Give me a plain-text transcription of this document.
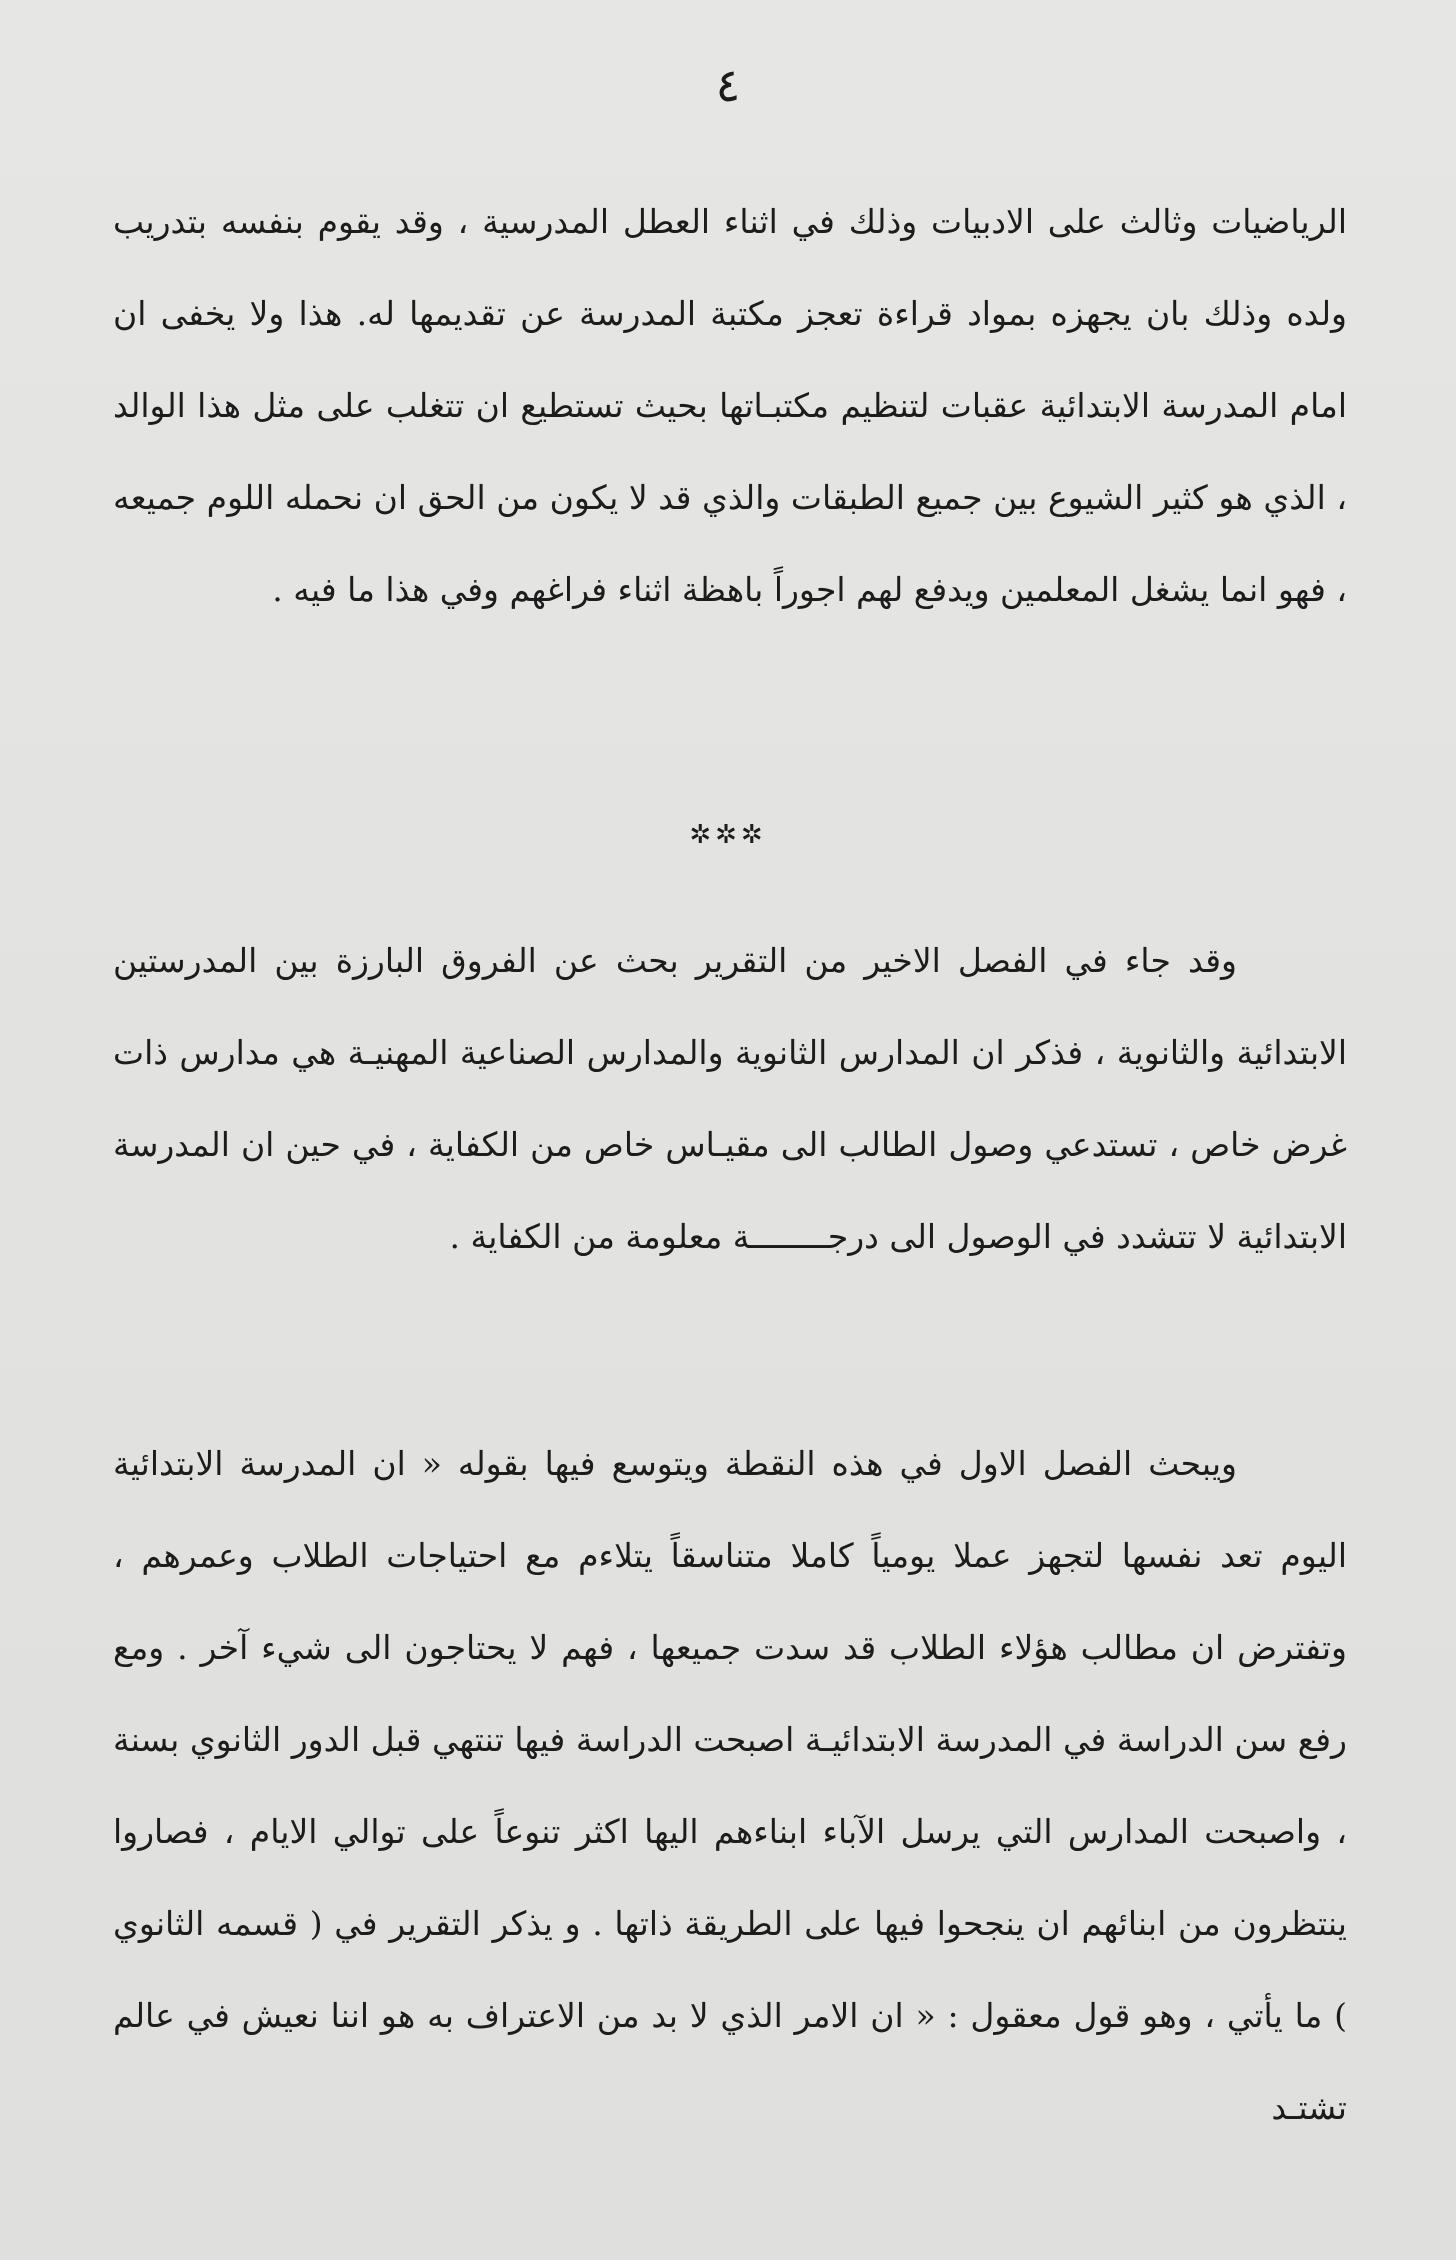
٤

الرياضيات وثالث على الادبيات وذلك في اثناء العطل المدرسية ، وقد يقوم بنفسه بتدريب ولده وذلك بان يجهزه بمواد قراءة تعجز مكتبة المدرسة عن تقديمها له. هذا ولا يخفى ان امام المدرسة الابتدائية عقبات لتنظيم مكتبـاتها بحيث تستطيع ان تتغلب على مثل هذا الوالد ، الذي هو كثير الشيوع بين جميع الطبقات والذي قد لا يكون من الحق ان نحمله اللوم جميعه ، فهو انما يشغل المعلمين ويدفع لهم اجوراً باهظة اثناء فراغهم وفي هذا ما فيه .

✲✲✲

وقد جاء في الفصل الاخير من التقرير بحث عن الفروق البارزة بين المدرستين الابتدائية والثانوية ، فذكر ان المدارس الثانوية والمدارس الصناعية المهنيـة هي مدارس ذات غرض خاص ، تستدعي وصول الطالب الى مقيـاس خاص من الكفاية ، في حين ان المدرسة الابتدائية لا تتشدد في الوصول الى درجــــــــة معلومة من الكفاية .

ويبحث الفصل الاول في هذه النقطة ويتوسع فيها بقوله « ان المدرسة الابتدائية اليوم تعد نفسها لتجهز عملا يومياً كاملا متناسقاً يتلاءم مع احتياجات الطلاب وعمرهم ، وتفترض ان مطالب هؤلاء الطلاب قد سدت جميعها ، فهم لا يحتاجون الى شيء آخر . ومع رفع سن الدراسة في المدرسة الابتدائيـة اصبحت الدراسة فيها تنتهي قبل الدور الثانوي بسنة ، واصبحت المدارس التي يرسل الآباء ابناءهم اليها اكثر تنوعاً على توالي الايام ، فصاروا ينتظرون من ابنائهم ان ينجحوا فيها على الطريقة ذاتها . و يذكر التقرير في ( قسمه الثانوي ) ما يأتي ، وهو قول معقول : « ان الامر الذي لا بد من الاعتراف به هو اننا نعيش في عالم تشتـد
